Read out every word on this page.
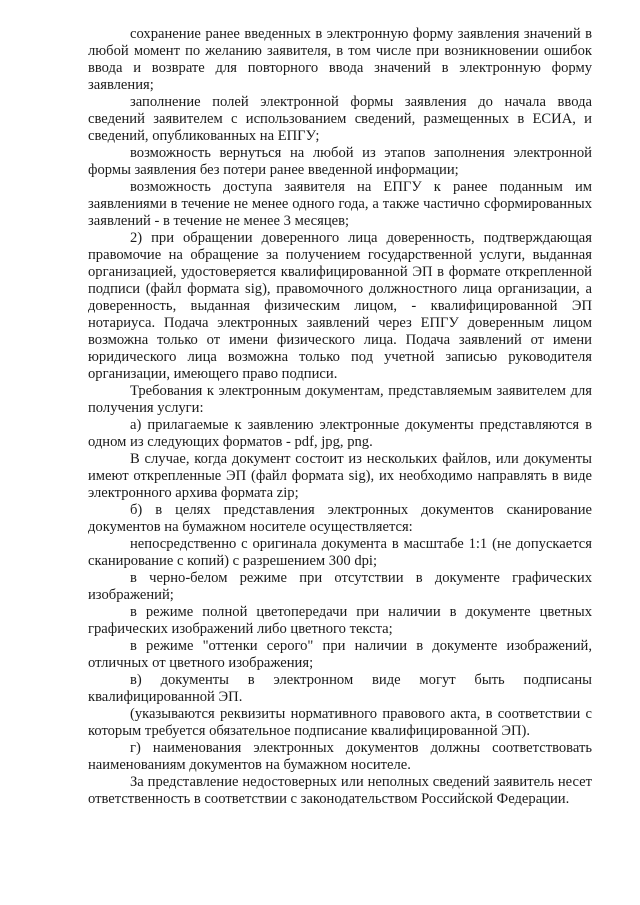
сохранение ранее введенных в электронную форму заявления значений в любой момент по желанию заявителя, в том числе при возникновении ошибок ввода и возврате для повторного ввода значений в электронную форму заявления;

заполнение полей электронной формы заявления до начала ввода сведений заявителем с использованием сведений, размещенных в ЕСИА, и сведений, опубликованных на ЕПГУ;

возможность вернуться на любой из этапов заполнения электронной формы заявления без потери ранее введенной информации;

возможность доступа заявителя на ЕПГУ к ранее поданным им заявлениями в течение не менее одного года, а также частично сформированных заявлений - в течение не менее 3 месяцев;

2) при обращении доверенного лица доверенность, подтверждающая правомочие на обращение за получением государственной услуги, выданная организацией, удостоверяется квалифицированной ЭП в формате открепленной подписи (файл формата sig), правомочного должностного лица организации, а доверенность, выданная физическим лицом, - квалифицированной ЭП нотариуса. Подача электронных заявлений через ЕПГУ доверенным лицом возможна только от имени физического лица. Подача заявлений от имени юридического лица возможна только под учетной записью руководителя организации, имеющего право подписи.

Требования к электронным документам, представляемым заявителем для получения услуги:

а) прилагаемые к заявлению электронные документы представляются в одном из следующих форматов - pdf, jpg, png.

В случае, когда документ состоит из нескольких файлов, или документы имеют открепленные ЭП (файл формата sig), их необходимо направлять в виде электронного архива формата zip;

б) в целях представления электронных документов сканирование документов на бумажном носителе осуществляется:

непосредственно с оригинала документа в масштабе 1:1 (не допускается сканирование с копий) с разрешением 300 dpi;

в черно-белом режиме при отсутствии в документе графических изображений;

в режиме полной цветопередачи при наличии в документе цветных графических изображений либо цветного текста;

в режиме "оттенки серого" при наличии в документе изображений, отличных от цветного изображения;

в) документы в электронном виде могут быть подписаны квалифицированной ЭП.

(указываются реквизиты нормативного правового акта, в соответствии с которым требуется обязательное подписание квалифицированной ЭП).

г) наименования электронных документов должны соответствовать наименованиям документов на бумажном носителе.

За представление недостоверных или неполных сведений заявитель несет ответственность в соответствии с законодательством Российской Федерации.
